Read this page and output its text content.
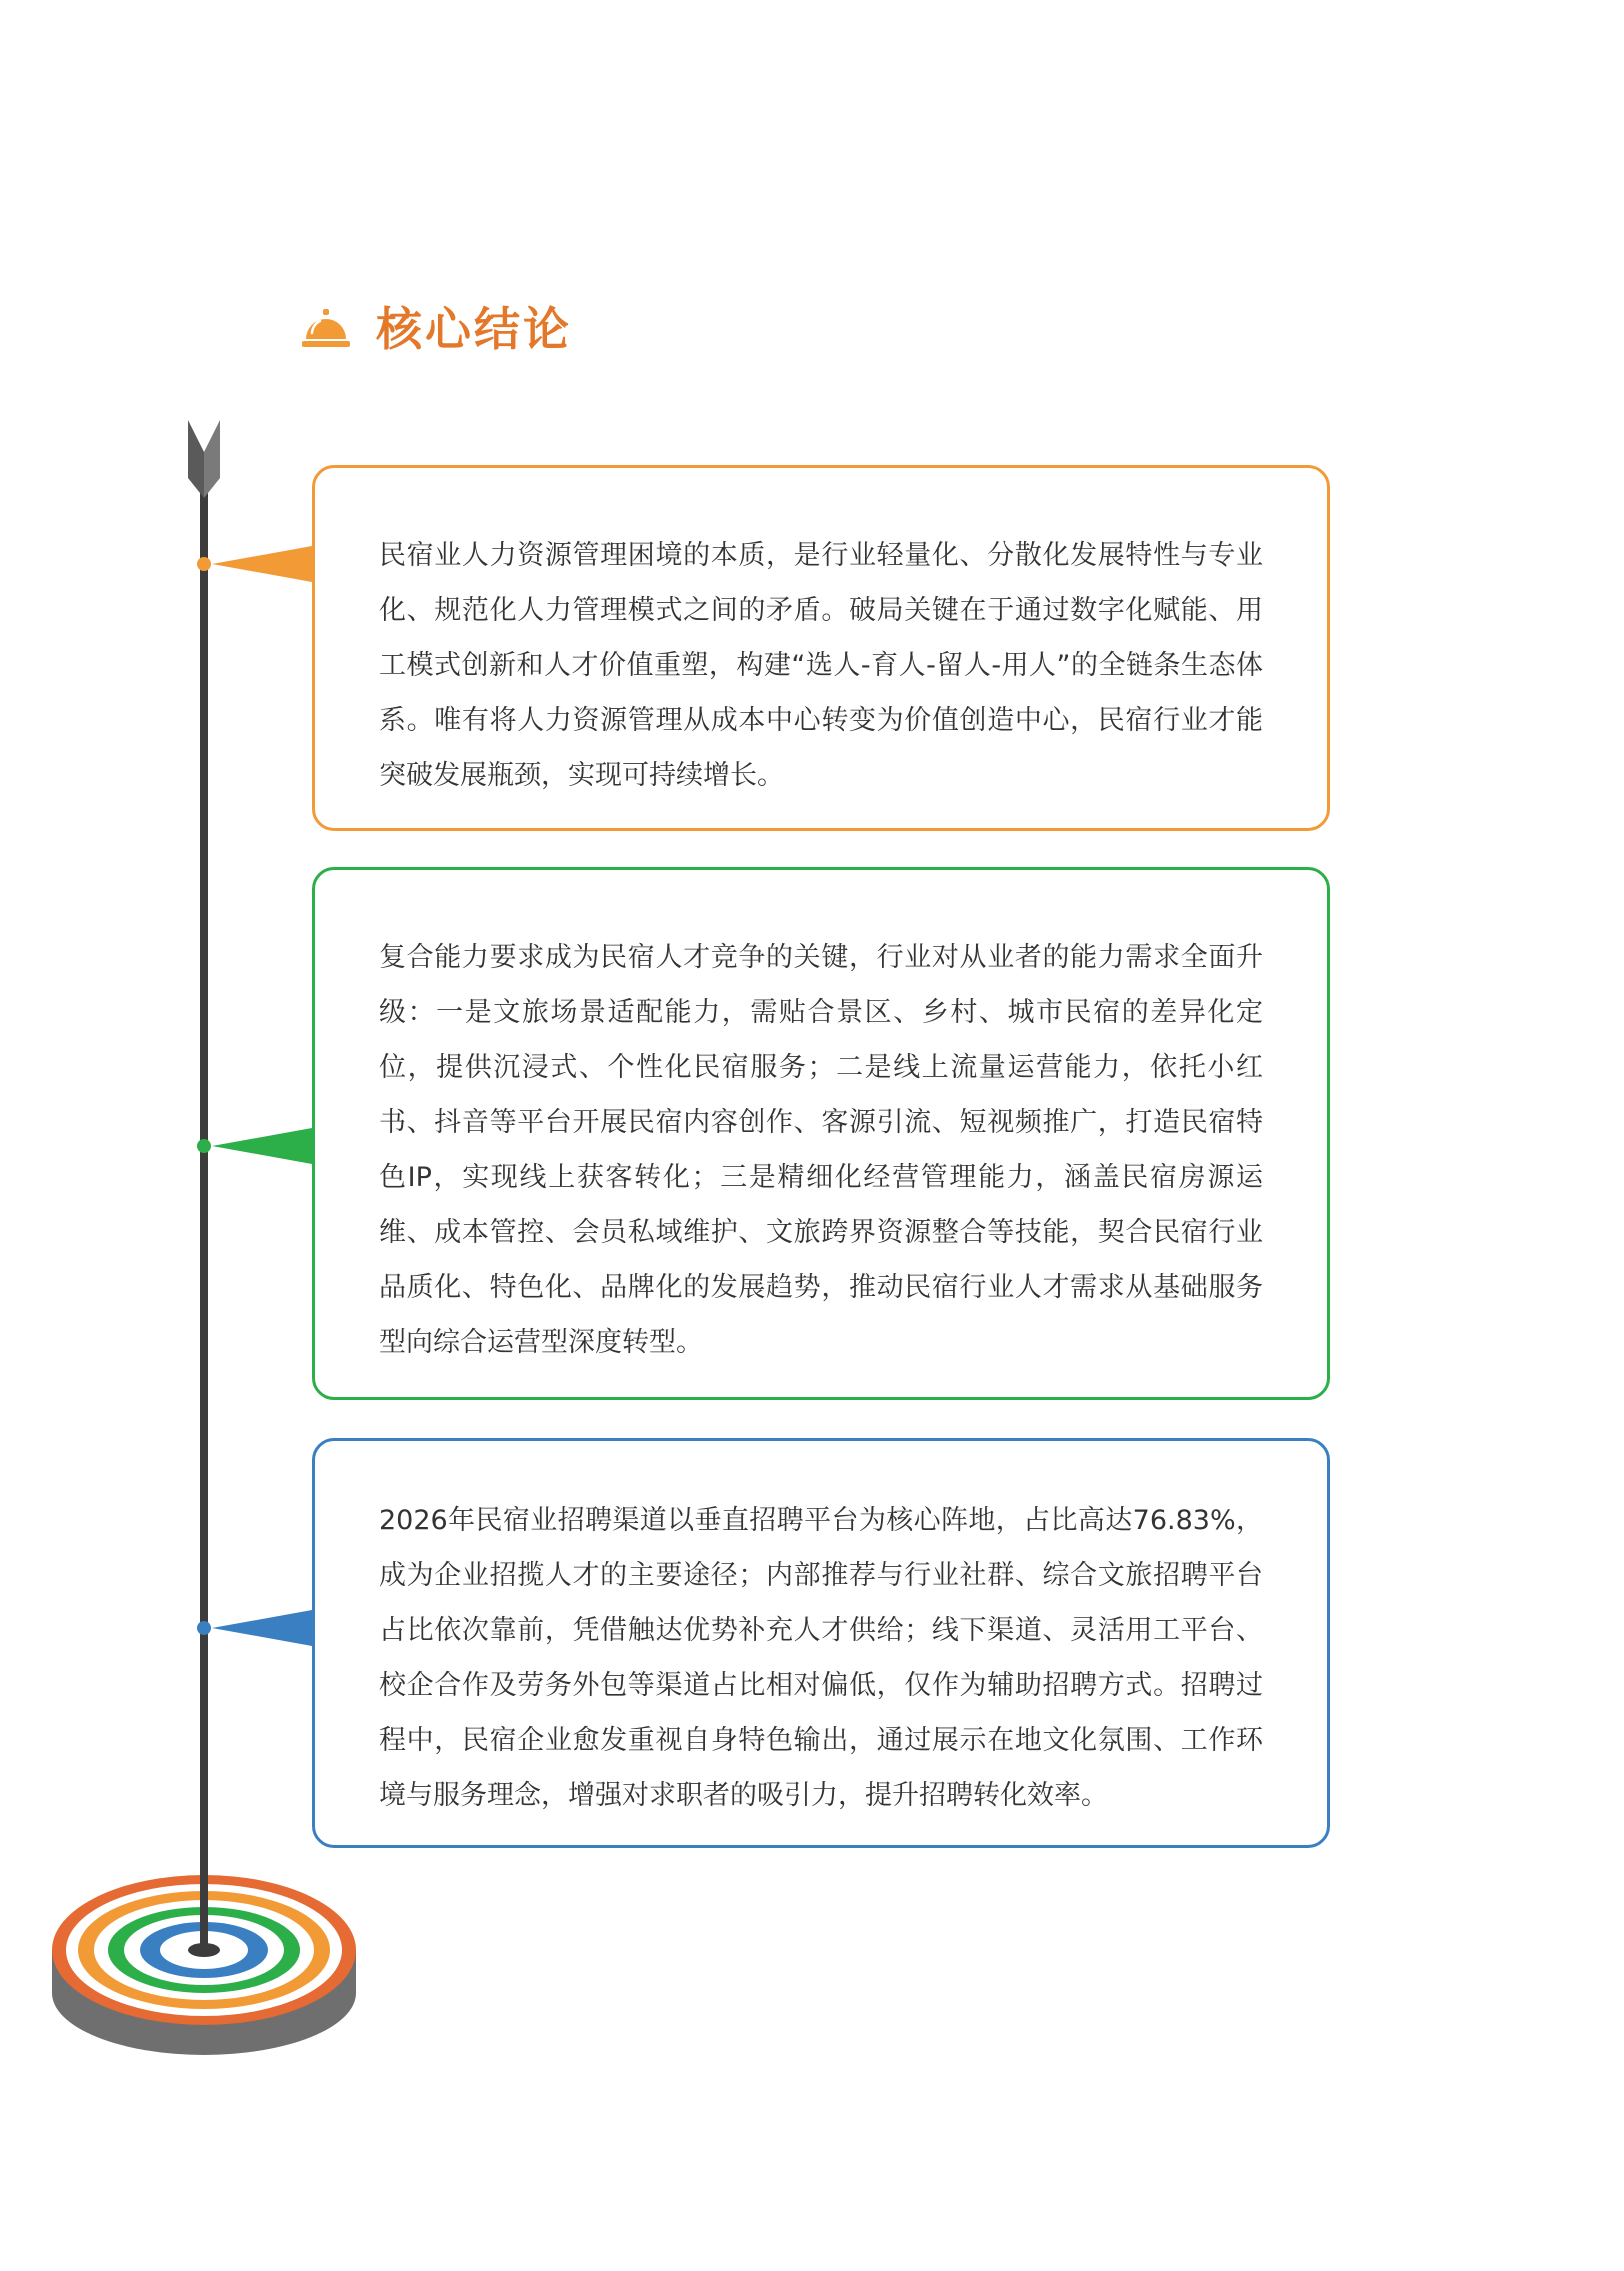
核心结论

民宿业人力资源管理困境的本质，是行业轻量化、分散化发展特性与专业化、规范化人力管理模式之间的矛盾。破局关键在于通过数字化赋能、用工模式创新和人才价值重塑，构建“选人-育人-留人-用人”的全链条生态体系。唯有将人力资源管理从成本中心转变为价值创造中心，民宿行业才能突破发展瓶颈，实现可持续增长。

复合能力要求成为民宿人才竞争的关键，行业对从业者的能力需求全面升级：一是文旅场景适配能力，需贴合景区、乡村、城市民宿的差异化定位，提供沉浸式、个性化民宿服务；二是线上流量运营能力，依托小红书、抖音等平台开展民宿内容创作、客源引流、短视频推广，打造民宿特色IP，实现线上获客转化；三是精细化经营管理能力，涵盖民宿房源运维、成本管控、会员私域维护、文旅跨界资源整合等技能，契合民宿行业品质化、特色化、品牌化的发展趋势，推动民宿行业人才需求从基础服务型向综合运营型深度转型。

2026年民宿业招聘渠道以垂直招聘平台为核心阵地，占比高达76.83%，成为企业招揽人才的主要途径；内部推荐与行业社群、综合文旅招聘平台占比依次靠前，凭借触达优势补充人才供给；线下渠道、灵活用工平台、校企合作及劳务外包等渠道占比相对偏低，仅作为辅助招聘方式。招聘过程中，民宿企业愈发重视自身特色输出，通过展示在地文化氛围、工作环境与服务理念，增强对求职者的吸引力，提升招聘转化效率。
